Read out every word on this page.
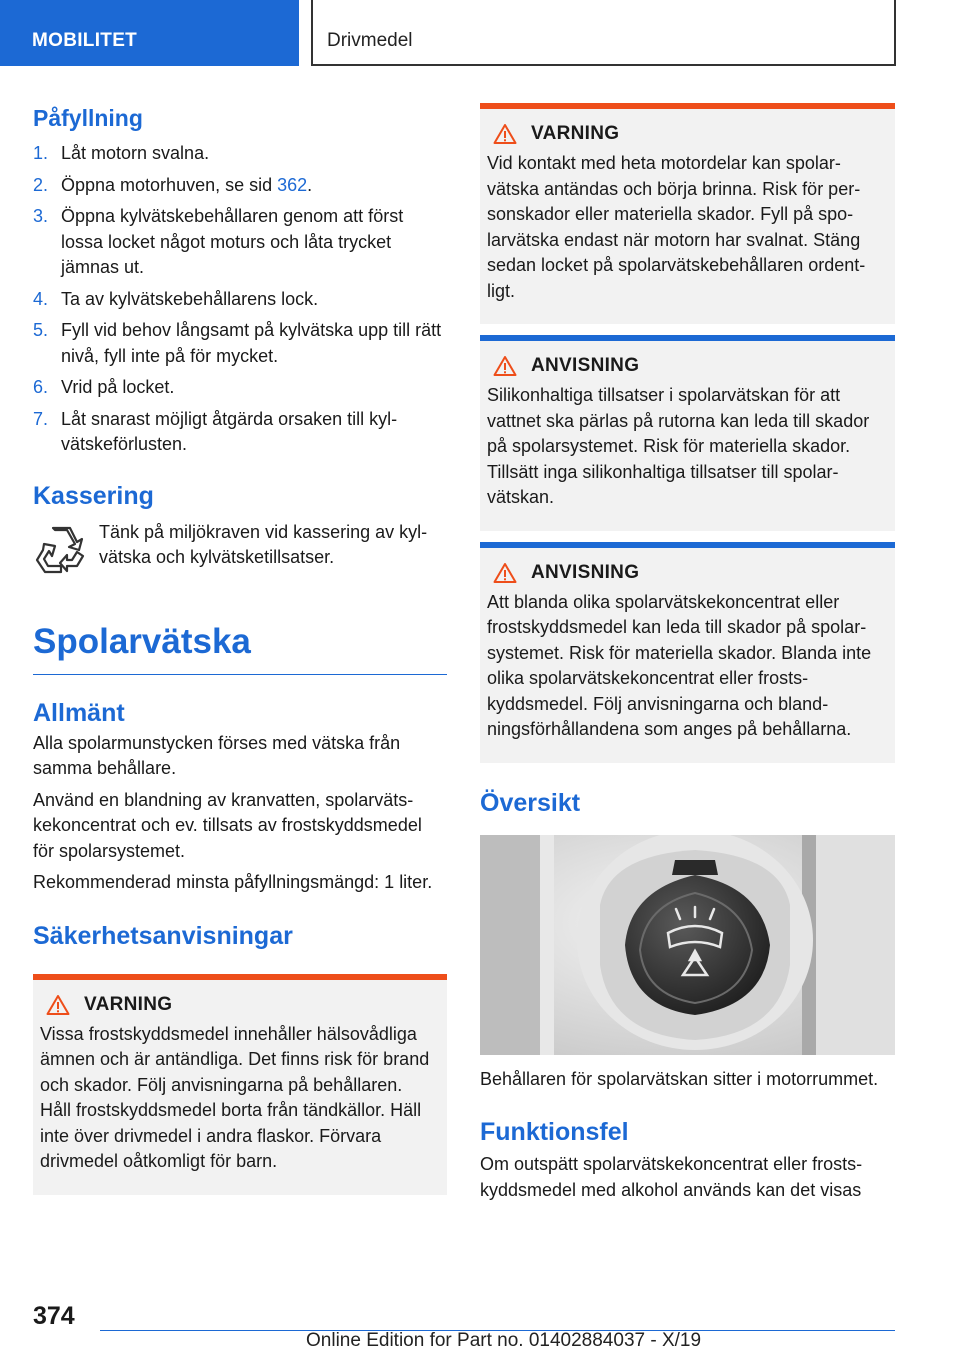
MOBILITET	Drivmedel
Påfyllning
1. Låt motorn svalna.
2. Öppna motorhuven, se sid 362.
3. Öppna kylvätskebehållaren genom att först lossa locket något moturs och låta trycket jämnas ut.
4. Ta av kylvätskebehållarens lock.
5. Fyll vid behov långsamt på kylvätska upp till rätt nivå, fyll inte på för mycket.
6. Vrid på locket.
7. Låt snarast möjligt åtgärda orsaken till kylvätskeförlusten.
Kassering

Tänk på miljökraven vid kassering av kylvätska och kylvätsketillsatser.

Spolarvätska
Allmänt

Alla spolarmunstycken förses med vätska från samma behållare.

Använd en blandning av kranvatten, spolarvätskekoncentrat och ev. tillsats av frostskyddsmedel för spolarsystemet.

Rekommenderad minsta påfyllningsmängd: 1 liter.

Säkerhetsanvisningar
VARNING

Vissa frostskyddsmedel innehåller hälsovådliga ämnen och är antändliga. Det finns risk för brand och skador. Följ anvisningarna på behållaren. Håll frostskyddsmedel borta från tändkällor. Häll inte över drivmedel i andra flaskor. Förvara drivmedel oåtkomligt för barn.

VARNING

Vid kontakt med heta motordelar kan spolarvätska antändas och börja brinna. Risk för personskador eller materiella skador. Fyll på spolarvätska endast när motorn har svalnat. Stäng sedan locket på spolarvätskebehållaren ordentligt.

ANVISNING

Silikonhaltiga tillsatser i spolarvätskan för att vattnet ska pärlas på rutorna kan leda till skador på spolarsystemet. Risk för materiella skador. Tillsätt inga silikonhaltiga tillsatser till spolarvätskan.

ANVISNING

Att blanda olika spolarvätskekoncentrat eller frostskyddsmedel kan leda till skador på spolarsystemet. Risk för materiella skador. Blanda inte olika spolarvätskekoncentrat eller frostskyddsmedel. Följ anvisningarna och blandningsförhållandena som anges på behållarna.

Översikt

Behållaren för spolarvätskan sitter i motorrummet.

Funktionsfel

Om outspätt spolarvätskekoncentrat eller frostskyddsmedel med alkohol används kan det visas

374
Online Edition for Part no. 01402884037 - X/19
